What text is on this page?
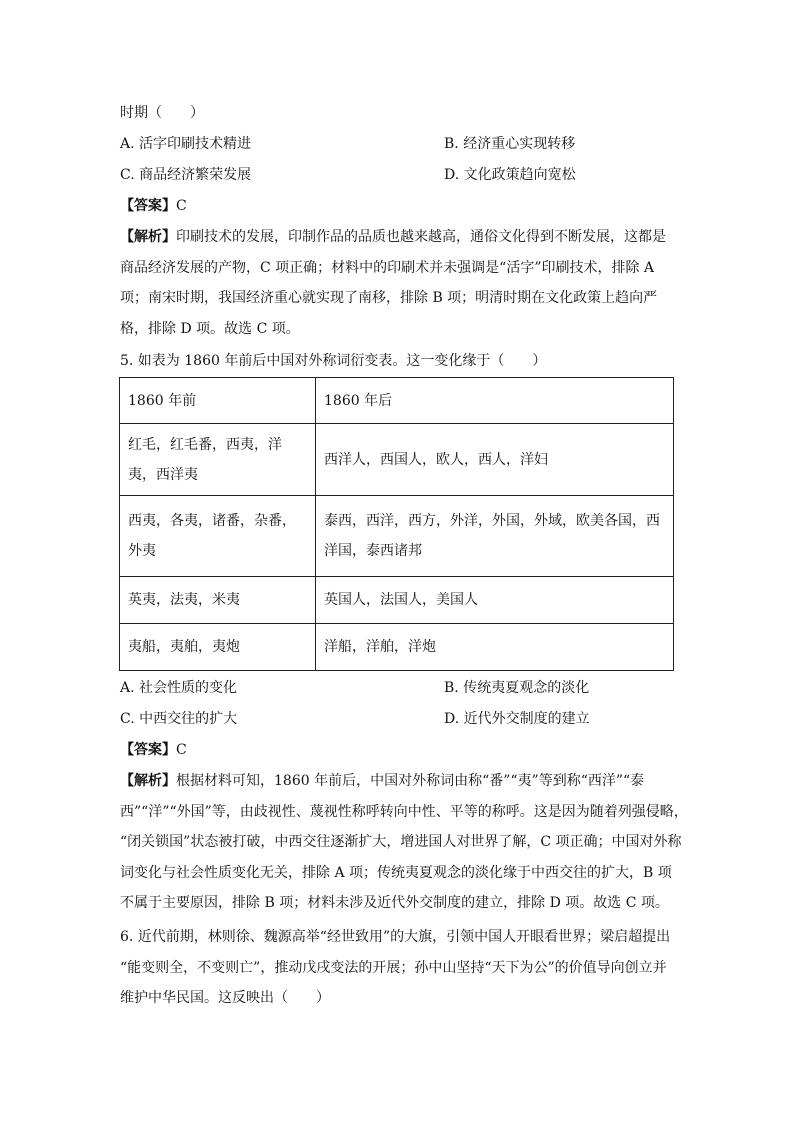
时期（　　）
A. 活字印刷技术精进	B. 经济重心实现转移
C. 商品经济繁荣发展	D. 文化政策趋向宽松
【答案】C
【解析】印刷技术的发展，印制作品的品质也越来越高，通俗文化得到不断发展，这都是
商品经济发展的产物，C 项正确；材料中的印刷术并未强调是“活字”印刷技术，排除 A
项；南宋时期，我国经济重心就实现了南移，排除 B 项；明清时期在文化政策上趋向严
格，排除 D 项。故选 C 项。
5. 如表为 1860 年前后中国对外称词衍变表。这一变化缘于（　　）
1860 年前	1860 年后
红毛，红毛番，西夷，洋
夷，西洋夷	西洋人，西国人，欧人，西人，洋妇
西夷，各夷，诸番，杂番，
外夷	泰西，西洋，西方，外洋，外国，外域，欧美各国，西
洋国，泰西诸邦
英夷，法夷，米夷	英国人，法国人，美国人
夷船，夷舶，夷炮	洋船，洋舶，洋炮
A. 社会性质的变化	B. 传统夷夏观念的淡化
C. 中西交往的扩大	D. 近代外交制度的建立
【答案】C
【解析】根据材料可知，1860 年前后，中国对外称词由称“番”“夷”等到称“西洋”“泰
西”“洋”“外国”等，由歧视性、蔑视性称呼转向中性、平等的称呼。这是因为随着列强侵略，
“闭关锁国”状态被打破，中西交往逐渐扩大，增进国人对世界了解，C 项正确；中国对外称
词变化与社会性质变化无关，排除 A 项；传统夷夏观念的淡化缘于中西交往的扩大，B 项
不属于主要原因，排除 B 项；材料未涉及近代外交制度的建立，排除 D 项。故选 C 项。
6. 近代前期，林则徐、魏源高举“经世致用”的大旗，引领中国人开眼看世界；梁启超提出
“能变则全，不变则亡”，推动戊戌变法的开展；孙中山坚持“天下为公”的价值导向创立并
维护中华民国。这反映出（　　）
